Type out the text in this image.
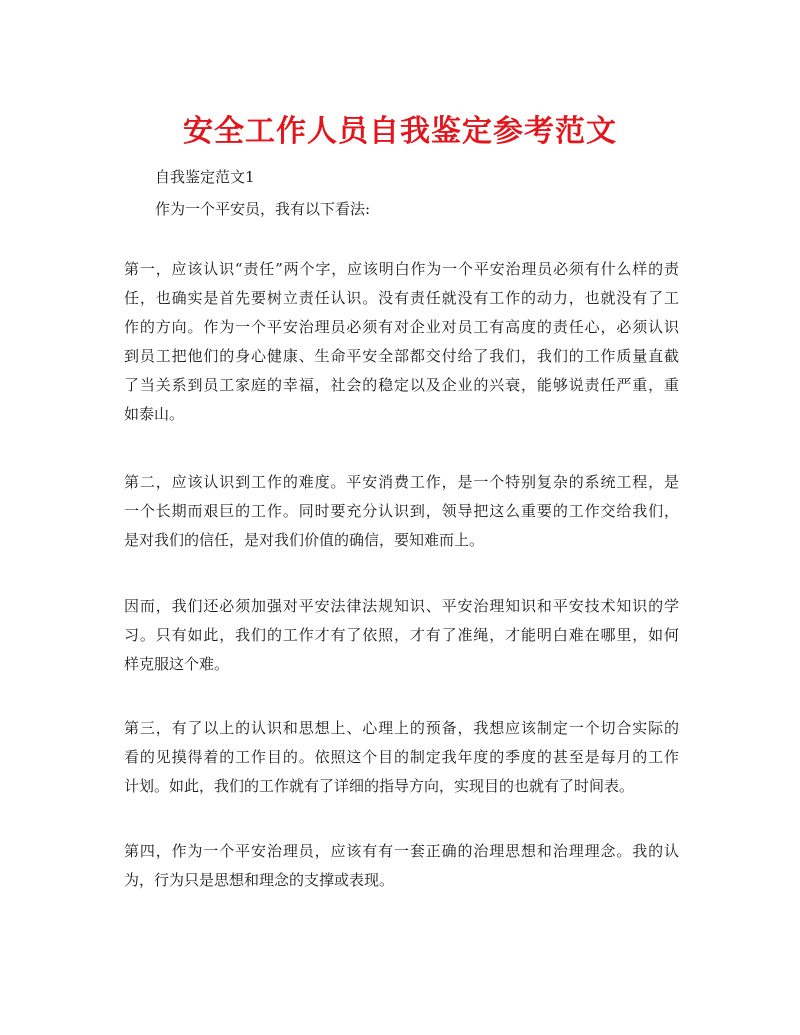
安全工作人员自我鉴定参考范文
自我鉴定范文1
作为一个平安员，我有以下看法:

第一，应该认识“责任”两个字，应该明白作为一个平安治理员必须有什么样的责
任，也确实是首先要树立责任认识。没有责任就没有工作的动力，也就没有了工
作的方向。作为一个平安治理员必须有对企业对员工有高度的责任心，必须认识
到员工把他们的身心健康、生命平安全部都交付给了我们，我们的工作质量直截
了当关系到员工家庭的幸福，社会的稳定以及企业的兴衰，能够说责任严重，重
如泰山。

第二，应该认识到工作的难度。平安消费工作，是一个特别复杂的系统工程，是
一个长期而艰巨的工作。同时要充分认识到，领导把这么重要的工作交给我们，
是对我们的信任，是对我们价值的确信，要知难而上。

因而，我们还必须加强对平安法律法规知识、平安治理知识和平安技术知识的学
习。只有如此，我们的工作才有了依照，才有了准绳，才能明白难在哪里，如何
样克服这个难。

第三，有了以上的认识和思想上、心理上的预备，我想应该制定一个切合实际的
看的见摸得着的工作目的。依照这个目的制定我年度的季度的甚至是每月的工作
计划。如此，我们的工作就有了详细的指导方向，实现目的也就有了时间表。

第四，作为一个平安治理员，应该有有一套正确的治理思想和治理理念。我的认
为，行为只是思想和理念的支撑或表现。
